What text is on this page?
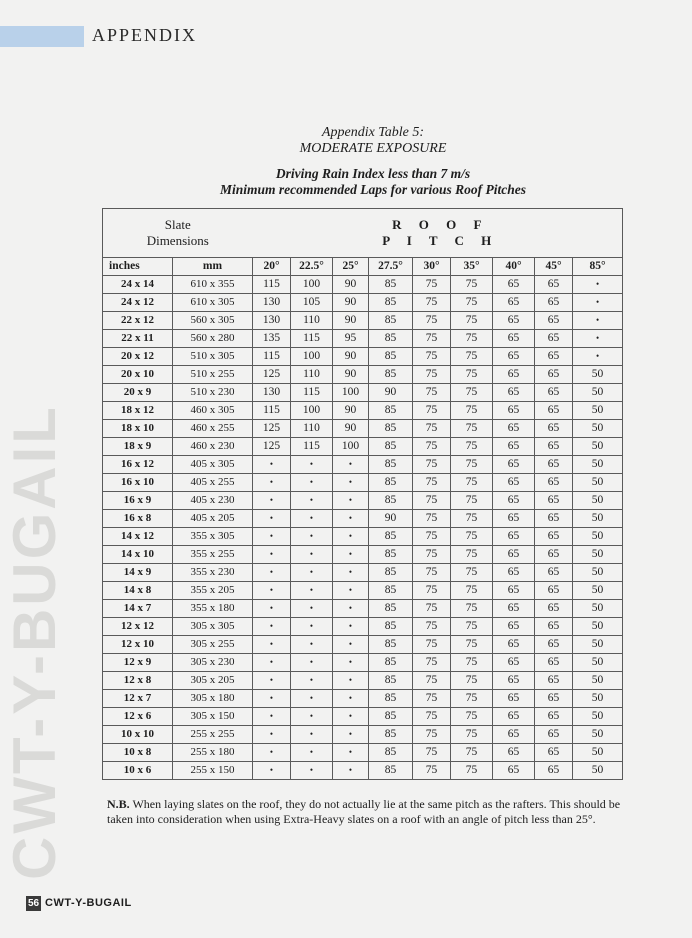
APPENDIX
CWT-Y-BUGAIL
Appendix Table 5:
MODERATE EXPOSURE
Driving Rain Index less than 7 m/s
Minimum recommended Laps for various Roof Pitches
Slate
Dimensions		R O O F
P I T C H								

inches	mm	20°	22.5°	25°	27.5°	30°	35°	40°	45°	85°
24 x 14	610 x 355	115	100	90	85	75	75	65	65	•
24 x 12	610 x 305	130	105	90	85	75	75	65	65	•
22 x 12	560 x 305	130	110	90	85	75	75	65	65	•
22 x 11	560 x 280	135	115	95	85	75	75	65	65	•
20 x 12	510 x 305	115	100	90	85	75	75	65	65	•
20 x 10	510 x 255	125	110	90	85	75	75	65	65	50
20 x 9	510 x 230	130	115	100	90	75	75	65	65	50
18 x 12	460 x 305	115	100	90	85	75	75	65	65	50
18 x 10	460 x 255	125	110	90	85	75	75	65	65	50
18 x 9	460 x 230	125	115	100	85	75	75	65	65	50
16 x 12	405 x 305	•	•	•	85	75	75	65	65	50
16 x 10	405 x 255	•	•	•	85	75	75	65	65	50
16 x 9	405 x 230	•	•	•	85	75	75	65	65	50
16 x 8	405 x 205	•	•	•	90	75	75	65	65	50
14 x 12	355 x 305	•	•	•	85	75	75	65	65	50
14 x 10	355 x 255	•	•	•	85	75	75	65	65	50
14 x 9	355 x 230	•	•	•	85	75	75	65	65	50
14 x 8	355 x 205	•	•	•	85	75	75	65	65	50
14 x 7	355 x 180	•	•	•	85	75	75	65	65	50
12 x 12	305 x 305	•	•	•	85	75	75	65	65	50
12 x 10	305 x 255	•	•	•	85	75	75	65	65	50
12 x 9	305 x 230	•	•	•	85	75	75	65	65	50
12 x 8	305 x 205	•	•	•	85	75	75	65	65	50
12 x 7	305 x 180	•	•	•	85	75	75	65	65	50
12 x 6	305 x 150	•	•	•	85	75	75	65	65	50
10 x 10	255 x 255	•	•	•	85	75	75	65	65	50
10 x 8	255 x 180	•	•	•	85	75	75	65	65	50
10 x 6	255 x 150	•	•	•	85	75	75	65	65	50
N.B. When laying slates on the roof, they do not actually lie at the same pitch as the rafters. This should be taken into consideration when using Extra-Heavy slates on a roof with an angle of pitch less than 25°.
56 CWT-Y-BUGAIL
